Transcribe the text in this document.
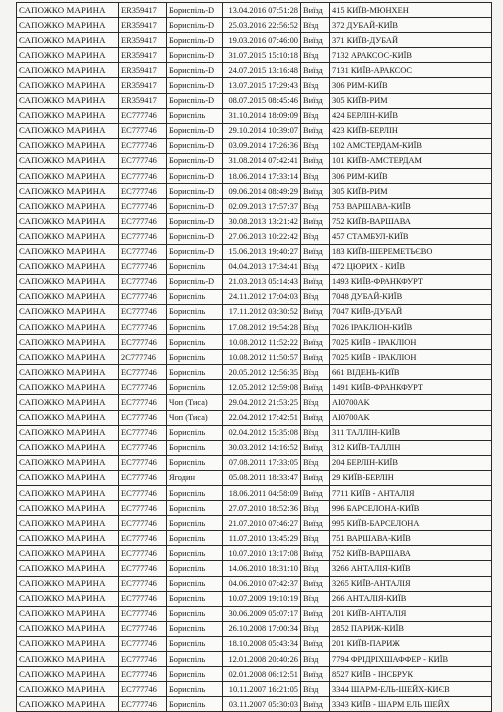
САПОЖКО МАРИНА	ER359417	Бориспіль-D	13.04.2016 07:51:28	Виїзд	415 КИЇВ-МЮНХЕН
САПОЖКО МАРИНА	ER359417	Бориспіль-D	25.03.2016 22:56:52	Вїзд	372 ДУБАЙ-КИЇВ
САПОЖКО МАРИНА	ER359417	Бориспіль-D	19.03.2016 07:46:00	Виїзд	371 КИЇВ-ДУБАЙ
САПОЖКО МАРИНА	ER359417	Бориспіль-D	31.07.2015 15:10:18	Вїзд	7132 АРАКСОС-КИЇВ
САПОЖКО МАРИНА	ER359417	Бориспіль-D	24.07.2015 13:16:48	Виїзд	7131 КИЇВ-АРАКСОС
САПОЖКО МАРИНА	ER359417	Бориспіль-D	13.07.2015 17:29:43	Вїзд	306 РИМ-КИЇВ
САПОЖКО МАРИНА	ER359417	Бориспіль-D	08.07.2015 08:45:46	Виїзд	305 КИЇВ-РИМ
САПОЖКО МАРИНА	EC777746	Бориспіль	31.10.2014 18:09:09	Вїзд	424 БЕРЛІН-КИЇВ
САПОЖКО МАРИНА	EC777746	Бориспіль-D	29.10.2014 10:39:07	Виїзд	423 КИЇВ-БЕРЛІН
САПОЖКО МАРИНА	EC777746	Бориспіль-D	03.09.2014 17:26:36	Вїзд	102 АМСТЕРДАМ-КИЇВ
САПОЖКО МАРИНА	EC777746	Бориспіль-D	31.08.2014 07:42:41	Виїзд	101 КИЇВ-АМСТЕРДАМ
САПОЖКО МАРИНА	EC777746	Бориспіль-D	18.06.2014 17:33:14	Вїзд	306 РИМ-КИЇВ
САПОЖКО МАРИНА	EC777746	Бориспіль-D	09.06.2014 08:49:29	Виїзд	305 КИЇВ-РИМ
САПОЖКО МАРИНА	EC777746	Бориспіль-D	02.09.2013 17:57:37	Вїзд	753 ВАРШАВА-КИЇВ
САПОЖКО МАРИНА	EC777746	Бориспіль-D	30.08.2013 13:21:42	Виїзд	752 КИЇВ-ВАРШАВА
САПОЖКО МАРИНА	EC777746	Бориспіль-D	27.06.2013 10:22:42	Вїзд	457 СТАМБУЛ-КИЇВ
САПОЖКО МАРИНА	EC777746	Бориспіль-D	15.06.2013 19:40:27	Виїзд	183 КИЇВ-ШЕРЕМЕТЬЄВО
САПОЖКО МАРИНА	EC777746	Бориспіль	04.04.2013 17:34:41	Вїзд	472 ЦЮРИХ - КИЇВ
САПОЖКО МАРИНА	EC777746	Бориспіль-D	21.03.2013 05:14:43	Виїзд	1493 КИЇВ-ФРАНКФУРТ
САПОЖКО МАРИНА	EC777746	Бориспіль	24.11.2012 17:04:03	Вїзд	7048 ДУБАЙ-КИЇВ
САПОЖКО МАРИНА	EC777746	Бориспіль	17.11.2012 03:30:52	Виїзд	7047 КИЇВ-ДУБАЙ
САПОЖКО МАРИНА	EC777746	Бориспіль	17.08.2012 19:54:28	Вїзд	7026 ІРАКЛІОН-КИЇВ
САПОЖКО МАРИНА	EC777746	Бориспіль	10.08.2012 11:52:22	Виїзд	7025 КИЇВ - ІРАКЛІОН
САПОЖКО МАРИНА	2C777746	Бориспіль	10.08.2012 11:50:57	Виїзд	7025 КИЇВ - ІРАКЛІОН
САПОЖКО МАРИНА	EC777746	Бориспіль	20.05.2012 12:56:35	Вїзд	661 ВІДЕНЬ-КИЇВ
САПОЖКО МАРИНА	EC777746	Бориспіль	12.05.2012 12:59:08	Виїзд	1491 КИЇВ-ФРАНКФУРТ
САПОЖКО МАРИНА	EC777746	Чоп (Тиса)	29.04.2012 21:53:25	Вїзд	AI0700AK
САПОЖКО МАРИНА	EC777746	Чоп (Тиса)	22.04.2012 17:42:51	Виїзд	AI0700AK
САПОЖКО МАРИНА	EC777746	Бориспіль	02.04.2012 15:35:08	Вїзд	311 ТАЛЛІН-КИЇВ
САПОЖКО МАРИНА	EC777746	Бориспіль	30.03.2012 14:16:52	Виїзд	312 КИЇВ-ТАЛЛІН
САПОЖКО МАРИНА	EC777746	Бориспіль	07.08.2011 17:33:05	Вїзд	204 БЕРЛІН-КИЇВ
САПОЖКО МАРИНА	EC777746	Ягодин	05.08.2011 18:33:47	Виїзд	29 КИЇВ-БЕРЛІН
САПОЖКО МАРИНА	EC777746	Бориспіль	18.06.2011 04:58:09	Виїзд	7711 КИЇВ - АНТАЛІЯ
САПОЖКО МАРИНА	EC777746	Бориспіль	27.07.2010 18:52:36	Вїзд	996 БАРСЕЛОНА-КИЇВ
САПОЖКО МАРИНА	EC777746	Бориспіль	21.07.2010 07:46:27	Виїзд	995 КИЇВ-БАРСЕЛОНА
САПОЖКО МАРИНА	EC777746	Бориспіль	11.07.2010 13:45:29	Вїзд	751 ВАРШАВА-КИЇВ
САПОЖКО МАРИНА	EC777746	Бориспіль	10.07.2010 13:17:08	Виїзд	752 КИЇВ-ВАРШАВА
САПОЖКО МАРИНА	EC777746	Бориспіль	14.06.2010 18:31:10	Вїзд	3266 АНТАЛІЯ-КИЇВ
САПОЖКО МАРИНА	EC777746	Бориспіль	04.06.2010 07:42:37	Виїзд	3265 КИЇВ-АНТАЛІЯ
САПОЖКО МАРИНА	EC777746	Бориспіль	10.07.2009 19:10:19	Вїзд	266 АНТАЛІЯ-КИЇВ
САПОЖКО МАРИНА	EC777746	Бориспіль	30.06.2009 05:07:17	Виїзд	201 КИЇВ-АНТАЛІЯ
САПОЖКО МАРИНА	EC777746	Бориспіль	26.10.2008 17:00:34	Вїзд	2852 ПАРИЖ-КИЇВ
САПОЖКО МАРИНА	EC777746	Бориспіль	18.10.2008 05:43:34	Виїзд	201 КИЇВ-ПАРИЖ
САПОЖКО МАРИНА	EC777746	Бориспіль	12.01.2008 20:40:26	Вїзд	7794 ФРІДРІХШАФФЕР - КИЇВ
САПОЖКО МАРИНА	EC777746	Бориспіль	02.01.2008 06:12:51	Виїзд	8527 КИЇВ - ІНСБРУК
САПОЖКО МАРИНА	EC777746	Бориспіль	10.11.2007 16:21:05	Вїзд	3344 ШАРМ-ЕЛЬ-ШЕЙХ-КИЄВ
САПОЖКО МАРИНА	EC777746	Бориспіль	03.11.2007 05:30:03	Виїзд	3343 КИЇВ - ШАРМ ЕЛЬ ШЕЙХ
